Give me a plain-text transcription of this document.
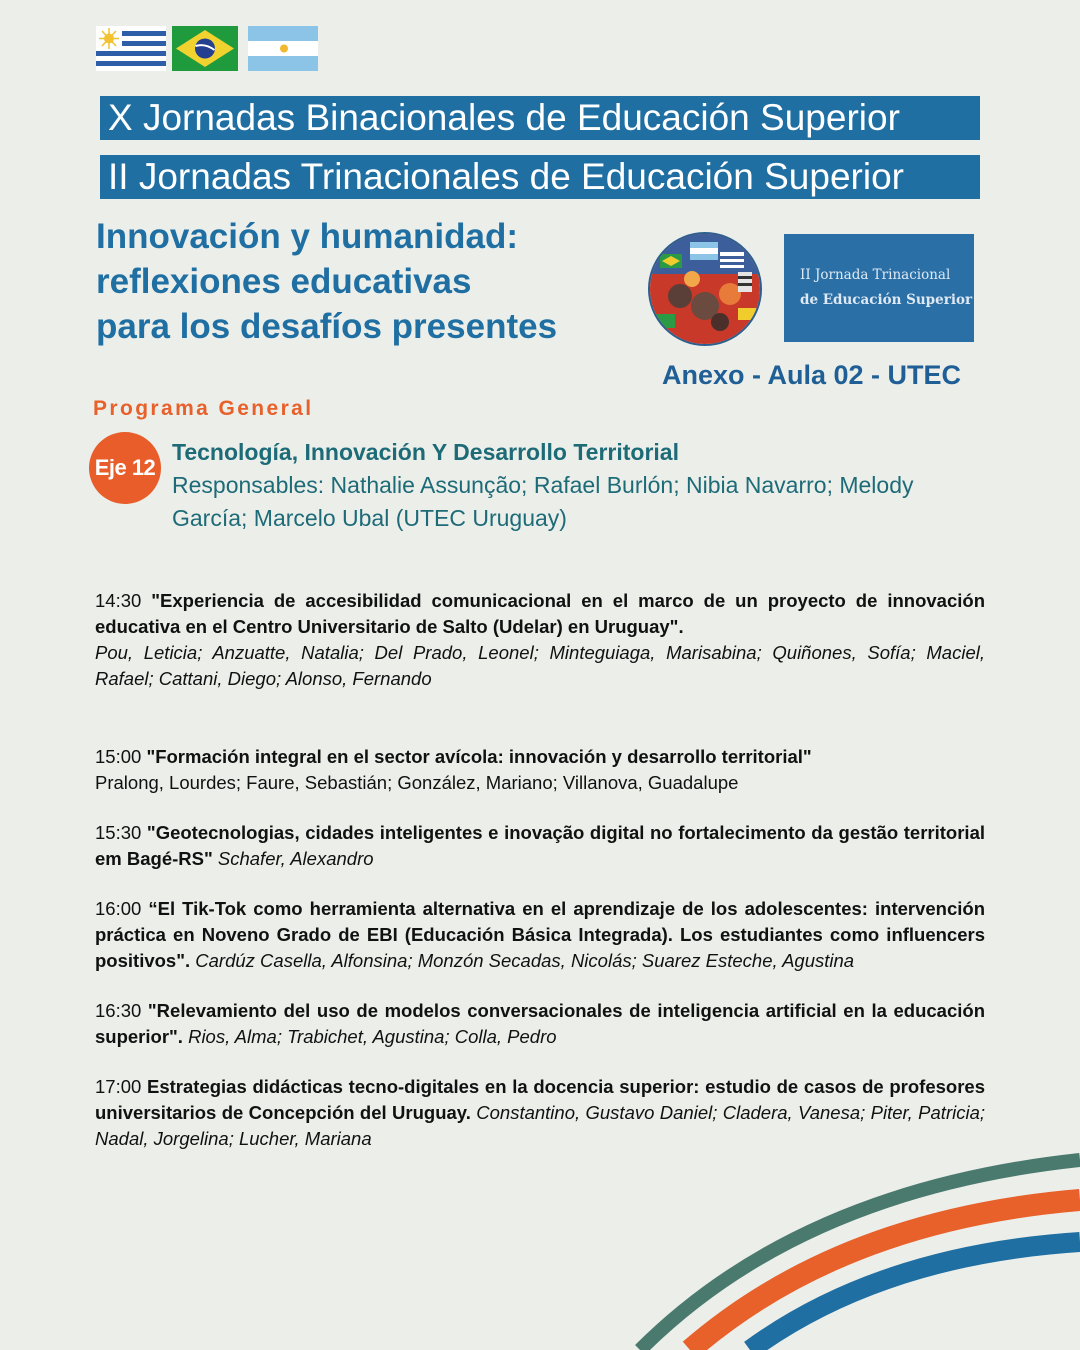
X Jornadas Binacionales de Educación Superior
II Jornadas Trinacionales de Educación Superior
Innovación y humanidad:
reflexiones educativas
para los desafíos presentes
II Jornada Trinacional
de Educación Superior
Anexo - Aula 02 - UTEC
Programa General
Eje 12
Tecnología, Innovación Y Desarrollo Territorial
Responsables: Nathalie Assunção; Rafael Burlón; Nibia Navarro; Melody García; Marcelo Ubal (UTEC Uruguay)
14:30 "Experiencia de accesibilidad comunicacional en el marco de un proyecto de innovación educativa en el Centro Universitario de Salto (Udelar) en Uruguay".
Pou, Leticia; Anzuatte, Natalia; Del Prado, Leonel; Minteguiaga, Marisabina; Quiñones, Sofía; Maciel, Rafael; Cattani, Diego; Alonso, Fernando
15:00 "Formación integral en el sector avícola: innovación y desarrollo territorial"
Pralong, Lourdes; Faure, Sebastián; González, Mariano; Villanova, Guadalupe
15:30 "Geotecnologias, cidades inteligentes e inovação digital no fortalecimento da gestão territorial em Bagé-RS" Schafer, Alexandro
16:00 “El Tik-Tok como herramienta alternativa en el aprendizaje de los adolescentes: intervención práctica en Noveno Grado de EBI (Educación Básica Integrada). Los estudiantes como influencers positivos". Cardúz Casella, Alfonsina; Monzón Secadas, Nicolás; Suarez Esteche, Agustina
16:30 "Relevamiento del uso de modelos conversacionales de inteligencia artificial en la educación superior". Rios, Alma; Trabichet, Agustina; Colla, Pedro
17:00 Estrategias didácticas tecno-digitales en la docencia superior: estudio de casos de profesores universitarios de Concepción del Uruguay. Constantino, Gustavo Daniel; Cladera, Vanesa; Piter, Patricia; Nadal, Jorgelina; Lucher, Mariana
